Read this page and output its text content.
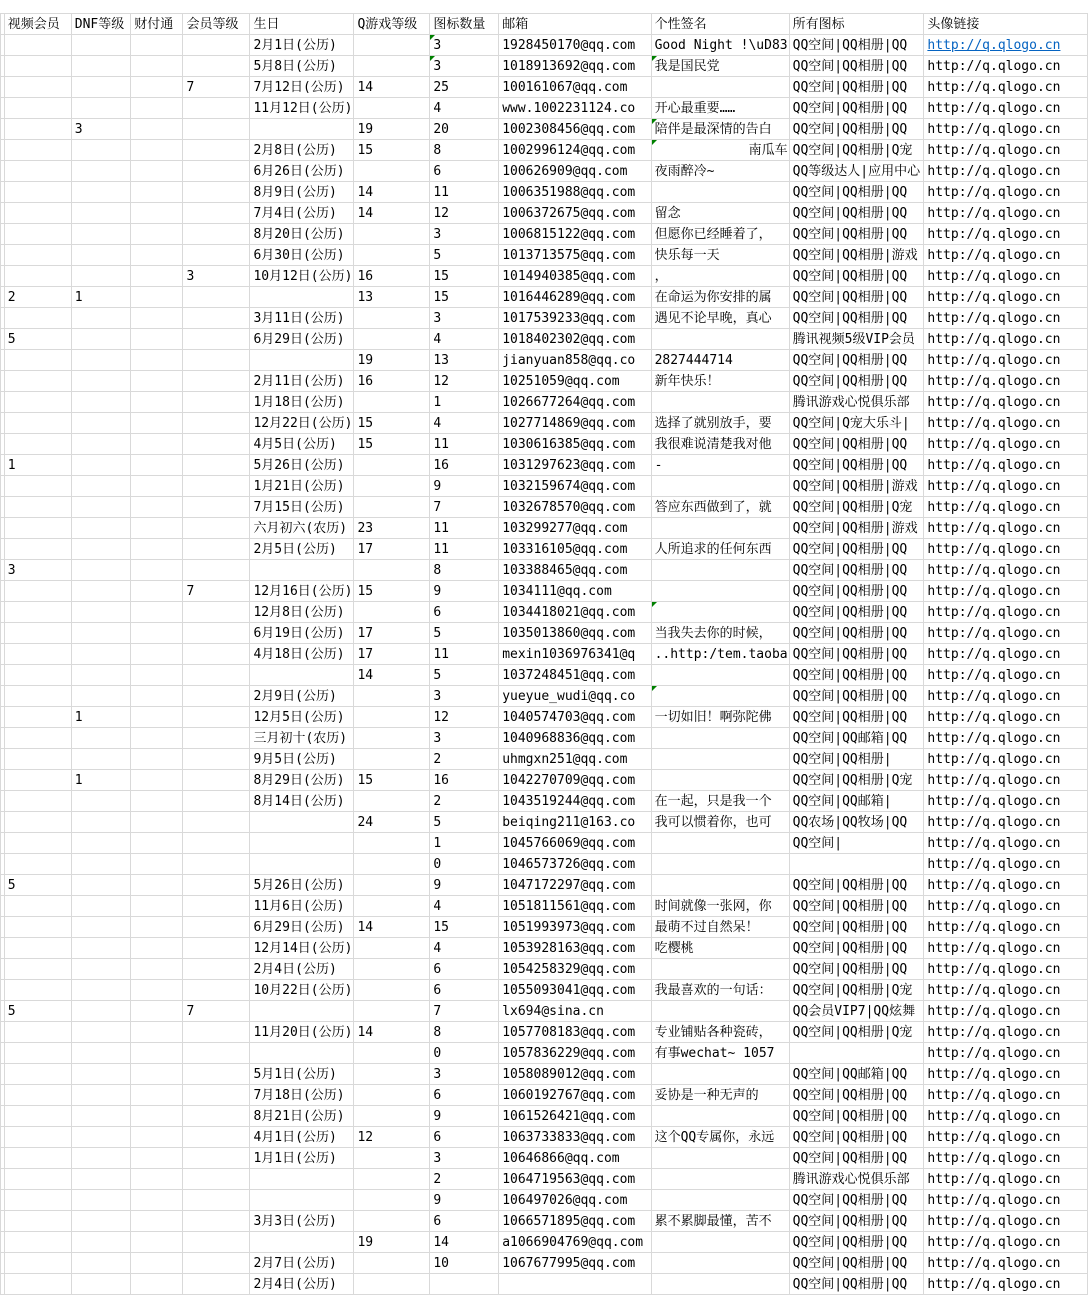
	视频会员	DNF等级	财付通	会员等级	生日	Q游戏等级	图标数量	邮箱	个性签名	所有图标	头像链接
					2月1日(公历)		3	1928450170@qq.com	Good Night !\uD83	QQ空间|QQ相册|QQ	http://q.qlogo.cn
					5月8日(公历)		3	1018913692@qq.com	我是国民党	QQ空间|QQ相册|QQ	http://q.qlogo.cn
				7	7月12日(公历)	14	25	100161067@qq.com		QQ空间|QQ相册|QQ	http://q.qlogo.cn
					11月12日(公历)		4	www.1002231124.co	开心最重要……	QQ空间|QQ相册|QQ	http://q.qlogo.cn
		3				19	20	1002308456@qq.com	陪伴是最深情的告白	QQ空间|QQ相册|QQ	http://q.qlogo.cn
					2月8日(公历)	15	8	1002996124@qq.com	南瓜车	QQ空间|QQ相册|Q宠	http://q.qlogo.cn
					6月26日(公历)		6	100626909@qq.com	夜雨醉冷~	QQ等级达人|应用中心	http://q.qlogo.cn
					8月9日(公历)	14	11	1006351988@qq.com		QQ空间|QQ相册|QQ	http://q.qlogo.cn
					7月4日(公历)	14	12	1006372675@qq.com	留念	QQ空间|QQ相册|QQ	http://q.qlogo.cn
					8月20日(公历)		3	1006815122@qq.com	但愿你已经睡着了，	QQ空间|QQ相册|QQ	http://q.qlogo.cn
					6月30日(公历)		5	1013713575@qq.com	快乐每一天	QQ空间|QQ相册|游戏	http://q.qlogo.cn
				3	10月12日(公历)	16	15	1014940385@qq.com	，	QQ空间|QQ相册|QQ	http://q.qlogo.cn
	2	1				13	15	1016446289@qq.com	在命运为你安排的属	QQ空间|QQ相册|QQ	http://q.qlogo.cn
					3月11日(公历)		3	1017539233@qq.com	遇见不论早晚，真心	QQ空间|QQ相册|QQ	http://q.qlogo.cn
	5				6月29日(公历)		4	1018402302@qq.com		腾讯视频5级VIP会员	http://q.qlogo.cn
						19	13	jianyuan858@qq.co	2827444714	QQ空间|QQ相册|QQ	http://q.qlogo.cn
					2月11日(公历)	16	12	10251059@qq.com	新年快乐！	QQ空间|QQ相册|QQ	http://q.qlogo.cn
					1月18日(公历)		1	1026677264@qq.com		腾讯游戏心悦俱乐部	http://q.qlogo.cn
					12月22日(公历)	15	4	1027714869@qq.com	选择了就别放手，要	QQ空间|Q宠大乐斗|	http://q.qlogo.cn
					4月5日(公历)	15	11	1030616385@qq.com	我很难说清楚我对他	QQ空间|QQ相册|QQ	http://q.qlogo.cn
	1				5月26日(公历)		16	1031297623@qq.com	-	QQ空间|QQ相册|QQ	http://q.qlogo.cn
					1月21日(公历)		9	1032159674@qq.com		QQ空间|QQ相册|游戏	http://q.qlogo.cn
					7月15日(公历)		7	1032678570@qq.com	答应东西做到了，就	QQ空间|QQ相册|Q宠	http://q.qlogo.cn
					六月初六(农历)	23	11	103299277@qq.com		QQ空间|QQ相册|游戏	http://q.qlogo.cn
					2月5日(公历)	17	11	103316105@qq.com	人所追求的任何东西	QQ空间|QQ相册|QQ	http://q.qlogo.cn
	3						8	103388465@qq.com		QQ空间|QQ相册|QQ	http://q.qlogo.cn
				7	12月16日(公历)	15	9	1034111@qq.com		QQ空间|QQ相册|QQ	http://q.qlogo.cn
					12月8日(公历)		6	1034418021@qq.com		QQ空间|QQ相册|QQ	http://q.qlogo.cn
					6月19日(公历)	17	5	1035013860@qq.com	当我失去你的时候，	QQ空间|QQ相册|QQ	http://q.qlogo.cn
					4月18日(公历)	17	11	mexin1036976341@q	..http:/tem.taoba	QQ空间|QQ相册|QQ	http://q.qlogo.cn
						14	5	1037248451@qq.com		QQ空间|QQ相册|QQ	http://q.qlogo.cn
					2月9日(公历)		3	yueyue_wudi@qq.co		QQ空间|QQ相册|QQ	http://q.qlogo.cn
		1			12月5日(公历)		12	1040574703@qq.com	一切如旧！啊弥陀佛	QQ空间|QQ相册|QQ	http://q.qlogo.cn
					三月初十(农历)		3	1040968836@qq.com		QQ空间|QQ邮箱|QQ	http://q.qlogo.cn
					9月5日(公历)		2	uhmgxn251@qq.com		QQ空间|QQ相册|	http://q.qlogo.cn
		1			8月29日(公历)	15	16	1042270709@qq.com		QQ空间|QQ相册|Q宠	http://q.qlogo.cn
					8月14日(公历)		2	1043519244@qq.com	在一起，只是我一个	QQ空间|QQ邮箱|	http://q.qlogo.cn
						24	5	beiqing211@163.co	我可以惯着你，也可	QQ农场|QQ牧场|QQ	http://q.qlogo.cn
							1	1045766069@qq.com		QQ空间|	http://q.qlogo.cn
							0	1046573726@qq.com			http://q.qlogo.cn
	5				5月26日(公历)		9	1047172297@qq.com		QQ空间|QQ相册|QQ	http://q.qlogo.cn
					11月6日(公历)		4	1051811561@qq.com	时间就像一张网，你	QQ空间|QQ相册|QQ	http://q.qlogo.cn
					6月29日(公历)	14	15	1051993973@qq.com	最萌不过自然呆！	QQ空间|QQ相册|QQ	http://q.qlogo.cn
					12月14日(公历)		4	1053928163@qq.com	吃樱桃	QQ空间|QQ相册|QQ	http://q.qlogo.cn
					2月4日(公历)		6	1054258329@qq.com		QQ空间|QQ相册|QQ	http://q.qlogo.cn
					10月22日(公历)		6	1055093041@qq.com	我最喜欢的一句话：	QQ空间|QQ相册|Q宠	http://q.qlogo.cn
	5			7			7	lx694@sina.cn		QQ会员VIP7|QQ炫舞	http://q.qlogo.cn
					11月20日(公历)	14	8	1057708183@qq.com	专业铺贴各种瓷砖，	QQ空间|QQ相册|Q宠	http://q.qlogo.cn
							0	1057836229@qq.com	有事wechat~ 1057		http://q.qlogo.cn
					5月1日(公历)		3	1058089012@qq.com		QQ空间|QQ邮箱|QQ	http://q.qlogo.cn
					7月18日(公历)		6	1060192767@qq.com	妥协是一种无声的	QQ空间|QQ相册|QQ	http://q.qlogo.cn
					8月21日(公历)		9	1061526421@qq.com		QQ空间|QQ相册|QQ	http://q.qlogo.cn
					4月1日(公历)	12	6	1063733833@qq.com	这个QQ专属你，永远	QQ空间|QQ相册|QQ	http://q.qlogo.cn
					1月1日(公历)		3	10646866@qq.com		QQ空间|QQ相册|QQ	http://q.qlogo.cn
							2	1064719563@qq.com		腾讯游戏心悦俱乐部	http://q.qlogo.cn
							9	106497026@qq.com		QQ空间|QQ相册|QQ	http://q.qlogo.cn
					3月3日(公历)		6	1066571895@qq.com	累不累脚最懂，苦不	QQ空间|QQ相册|QQ	http://q.qlogo.cn
						19	14	a1066904769@qq.com		QQ空间|QQ相册|QQ	http://q.qlogo.cn
					2月7日(公历)		10	1067677995@qq.com		QQ空间|QQ相册|QQ	http://q.qlogo.cn
					2月4日(公历)					QQ空间|QQ相册|QQ	http://q.qlogo.cn
